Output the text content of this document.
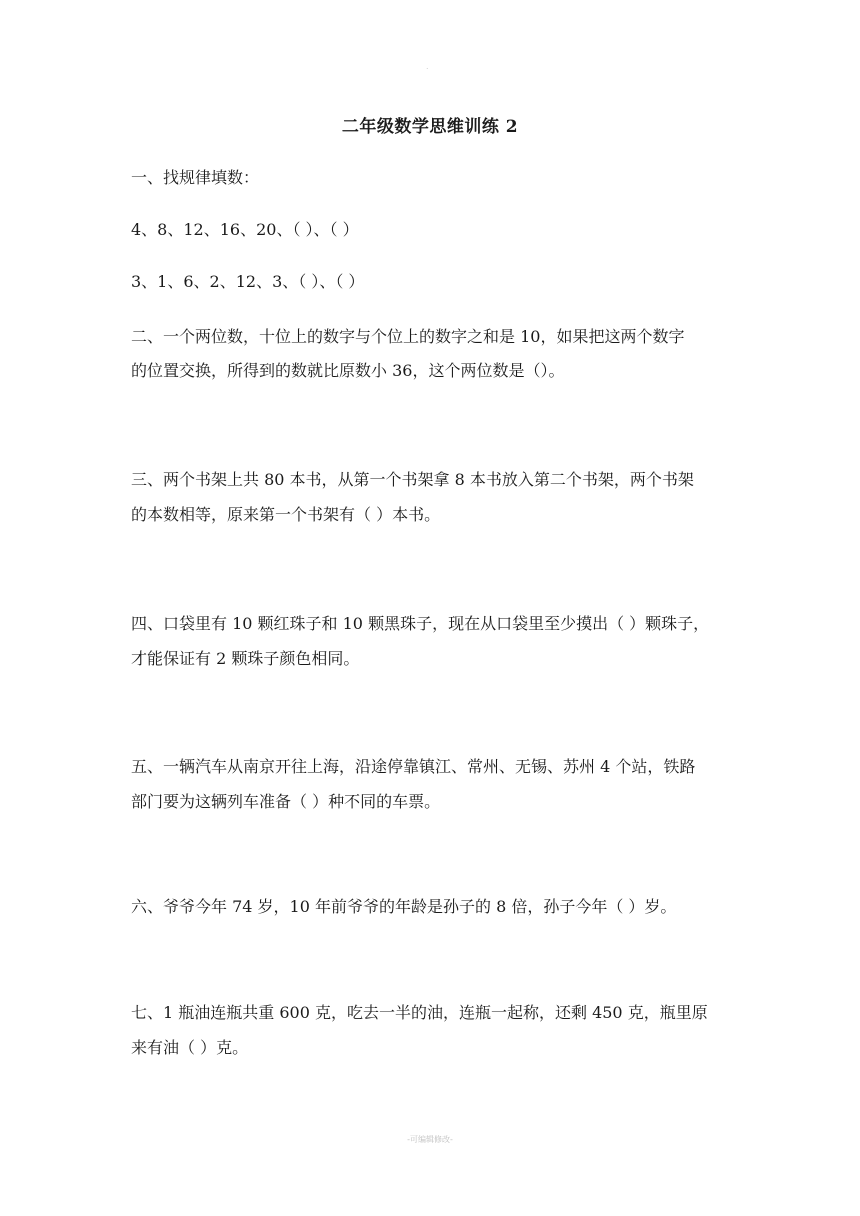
.
二年级数学思维训练 2
一、找规律填数：
4、8、12、16、20、（ ）、（ ）
3、1、6、2、12、3、（ ）、（ ）
二、一个两位数，十位上的数字与个位上的数字之和是 10，如果把这两个数字
的位置交换，所得到的数就比原数小 36，这个两位数是（）。
三、两个书架上共 80 本书，从第一个书架拿 8 本书放入第二个书架，两个书架
的本数相等，原来第一个书架有（ ）本书。
四、口袋里有 10 颗红珠子和 10 颗黑珠子，现在从口袋里至少摸出（ ）颗珠子，
才能保证有 2 颗珠子颜色相同。
五、一辆汽车从南京开往上海，沿途停靠镇江、常州、无锡、苏州 4 个站，铁路
部门要为这辆列车准备（ ）种不同的车票。
六、爷爷今年 74 岁，10 年前爷爷的年龄是孙子的 8 倍，孙子今年（ ）岁。
七、1 瓶油连瓶共重 600 克，吃去一半的油，连瓶一起称，还剩 450 克，瓶里原
来有油（ ）克。
-可编辑修改-
